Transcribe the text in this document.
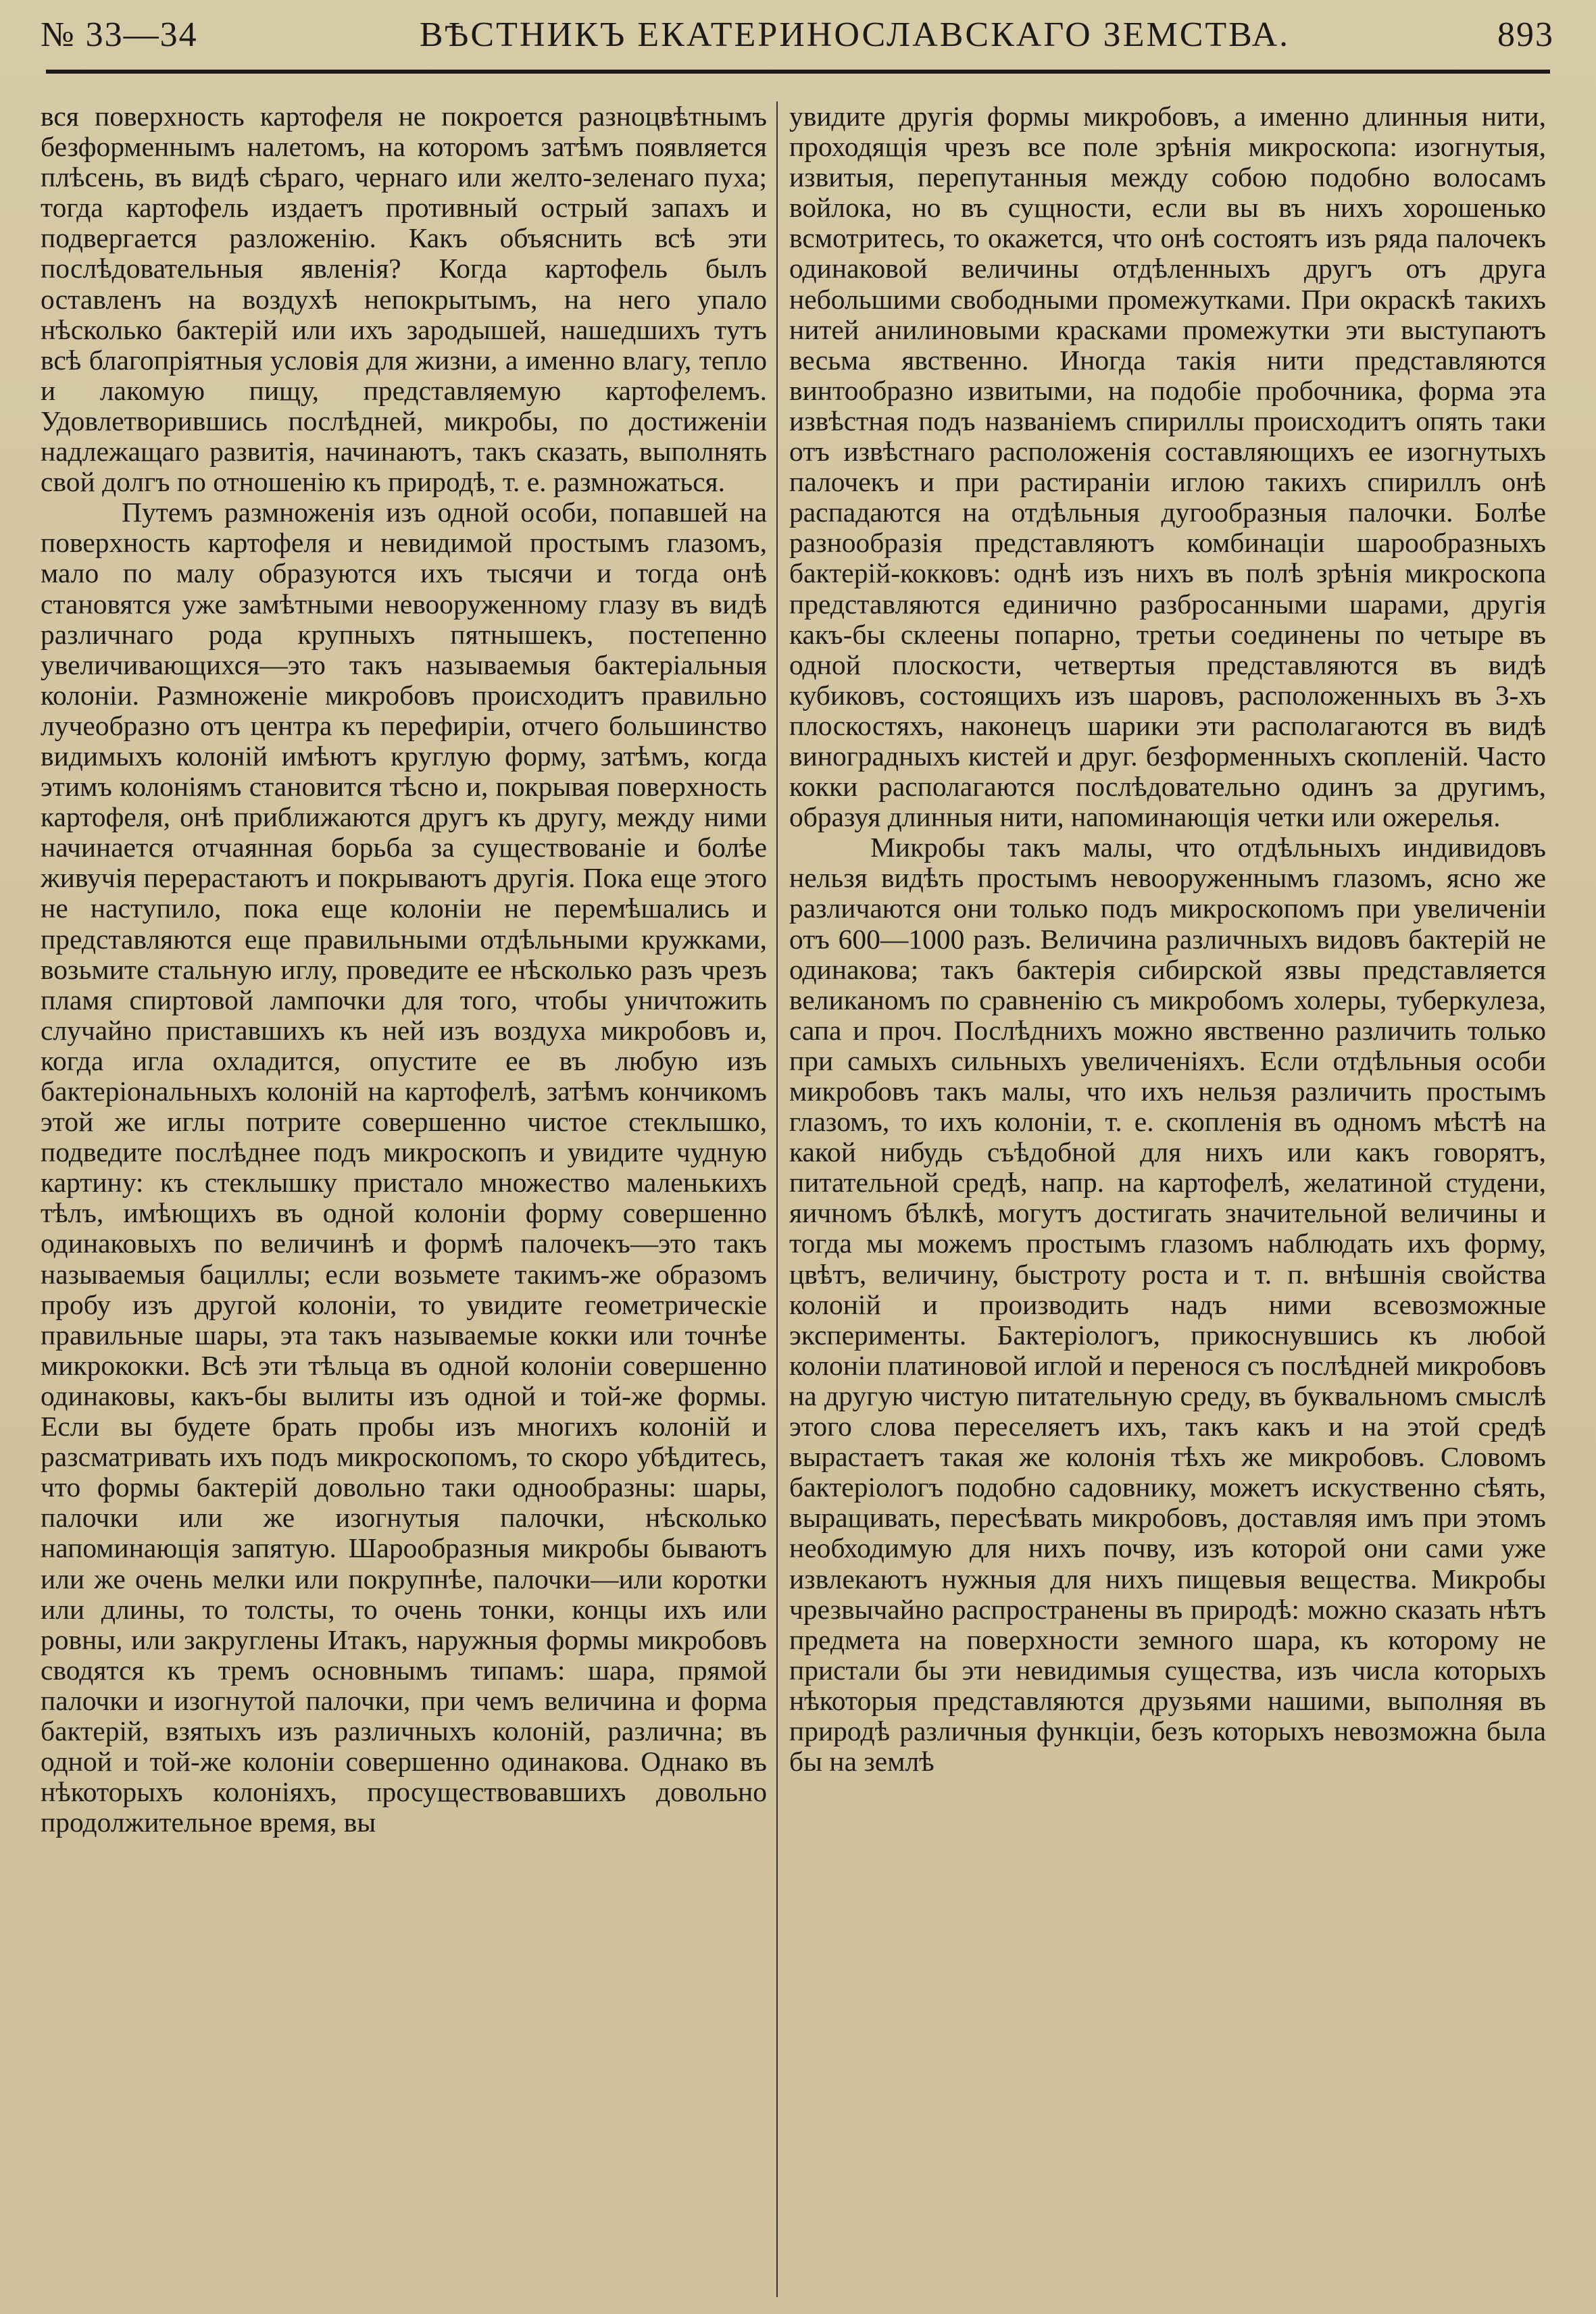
№ 33—34	ВѢСТНИКЪ ЕКАТЕРИНОСЛАВСКАГО ЗЕМСТВА.	893

вся поверхность картофеля не покроется разноцвѣтнымъ безформеннымъ налетомъ, на которомъ затѣмъ появляется плѣсень, въ видѣ сѣраго, чернаго или желто-зеленаго пуха; тогда картофель издаетъ противный острый запахъ и подвергается разложенію. Какъ объяснить всѣ эти послѣдовательныя явленія? Когда картофель былъ оставленъ на воздухѣ непокрытымъ, на него упало нѣсколько бактерій или ихъ зародышей, нашедшихъ тутъ всѣ благопріятныя условія для жизни, а именно влагу, тепло и лакомую пищу, представляемую картофелемъ. Удовлетворившись послѣдней, микробы, по достиженіи надлежащаго развитія, начинаютъ, такъ сказать, выполнять свой долгъ по отношенію къ природѣ, т. е. размножаться.

Путемъ размноженія изъ одной особи, попавшей на поверхность картофеля и невидимой простымъ глазомъ, мало по малу образуются ихъ тысячи и тогда онѣ становятся уже замѣтными невооруженному глазу въ видѣ различнаго рода крупныхъ пятнышекъ, постепенно увеличивающихся—это такъ называемыя бактеріальныя колоніи. Размноженіе микробовъ происходитъ правильно лучеобразно отъ центра къ перефиріи, отчего большинство видимыхъ колоній имѣютъ круглую форму, затѣмъ, когда этимъ колоніямъ становится тѣсно и, покрывая поверхность картофеля, онѣ приближаются другъ къ другу, между ними начинается отчаянная борьба за существованіе и болѣе живучія перерастаютъ и покрываютъ другія. Пока еще этого не наступило, пока еще колоніи не перемѣшались и представляются еще правильными отдѣльными кружками, возьмите стальную иглу, проведите ее нѣсколько разъ чрезъ пламя спиртовой лампочки для того, чтобы уничтожить случайно приставшихъ къ ней изъ воздуха микробовъ и, когда игла охладится, опустите ее въ любую изъ бактеріональныхъ колоній на картофелѣ, затѣмъ кончикомъ этой же иглы потрите совершенно чистое стеклышко, подведите послѣднее подъ микроскопъ и увидите чудную картину: къ стеклышку пристало множество маленькихъ тѣлъ, имѣющихъ въ одной колоніи форму совершенно одинаковыхъ по величинѣ и формѣ палочекъ—это такъ называемыя бациллы; если возьмете такимъ-же образомъ пробу изъ другой колоніи, то увидите геометрическіе правильные шары, эта такъ называемые кокки или точнѣе микрококки. Всѣ эти тѣльца въ одной колоніи совершенно одинаковы, какъ-бы вылиты изъ одной и той-же формы. Если вы будете брать пробы изъ многихъ колоній и разсматривать ихъ подъ микроскопомъ, то скоро убѣдитесь, что формы бактерій довольно таки однообразны: шары, палочки или же изогнутыя палочки, нѣсколько напоминающія запятую. Шарообразныя микробы бываютъ или же очень мелки или покрупнѣе, палочки—или коротки или длины, то толсты, то очень тонки, концы ихъ или ровны, или закруглены Итакъ, наружныя формы микробовъ сводятся къ тремъ основнымъ типамъ: шара, прямой палочки и изогнутой палочки, при чемъ величина и форма бактерій, взятыхъ изъ различныхъ колоній, различна; въ одной и той-же колоніи совершенно одинакова. Однако въ нѣкоторыхъ колоніяхъ, просуществовавшихъ довольно продолжительное время, вы

увидите другія формы микробовъ, а именно длинныя нити, проходящія чрезъ все поле зрѣнія микроскопа: изогнутыя, извитыя, перепутанныя между собою подобно волосамъ войлока, но въ сущности, если вы въ нихъ хорошенько всмотритесь, то окажется, что онѣ состоятъ изъ ряда палочекъ одинаковой величины отдѣленныхъ другъ отъ друга небольшими свободными промежутками. При окраскѣ такихъ нитей анилиновыми красками промежутки эти выступаютъ весьма явственно. Иногда такія нити представляются винтообразно извитыми, на подобіе пробочника, форма эта извѣстная подъ названіемъ спириллы происходитъ опять таки отъ извѣстнаго расположенія составляющихъ ее изогнутыхъ палочекъ и при растираніи иглою такихъ спириллъ онѣ распадаются на отдѣльныя дугообразныя палочки. Болѣе разнообразія представляютъ комбинаціи шарообразныхъ бактерій-кокковъ: однѣ изъ нихъ въ полѣ зрѣнія микроскопа представляются единично разбросанными шарами, другія какъ-бы склеены попарно, третьи соединены по четыре въ одной плоскости, четвертыя представляются въ видѣ кубиковъ, состоящихъ изъ шаровъ, расположенныхъ въ 3-хъ плоскостяхъ, наконецъ шарики эти располагаются въ видѣ виноградныхъ кистей и друг. безформенныхъ скопленій. Часто кокки располагаются послѣдовательно одинъ за другимъ, образуя длинныя нити, напоминающія четки или ожерелья.

Микробы такъ малы, что отдѣльныхъ индивидовъ нельзя видѣть простымъ невооруженнымъ глазомъ, ясно же различаются они только подъ микроскопомъ при увеличеніи отъ 600—1000 разъ. Величина различныхъ видовъ бактерій не одинакова; такъ бактерія сибирской язвы представляется великаномъ по сравненію съ микробомъ холеры, туберкулеза, сапа и проч. Послѣднихъ можно явственно различить только при самыхъ сильныхъ увеличеніяхъ. Если отдѣльныя особи микробовъ такъ малы, что ихъ нельзя различить простымъ глазомъ, то ихъ колоніи, т. е. скопленія въ одномъ мѣстѣ на какой нибудь съѣдобной для нихъ или какъ говорятъ, питательной средѣ, напр. на картофелѣ, желатиной студени, яичномъ бѣлкѣ, могутъ достигать значительной величины и тогда мы можемъ простымъ глазомъ наблюдать ихъ форму, цвѣтъ, величину, быстроту роста и т. п. внѣшнія свойства колоній и производить надъ ними всевозможные эксперименты. Бактеріологъ, прикоснувшись къ любой колоніи платиновой иглой и перенося съ послѣдней микробовъ на другую чистую питательную среду, въ буквальномъ смыслѣ этого слова переселяетъ ихъ, такъ какъ и на этой средѣ вырастаетъ такая же колонія тѣхъ же микробовъ. Словомъ бактеріологъ подобно садовнику, можетъ искуственно сѣять, выращивать, пересѣвать микробовъ, доставляя имъ при этомъ необходимую для нихъ почву, изъ которой они сами уже извлекаютъ нужныя для нихъ пищевыя вещества. Микробы чрезвычайно распространены въ природѣ: можно сказать нѣтъ предмета на поверхности земного шара, къ которому не пристали бы эти невидимыя существа, изъ числа которыхъ нѣкоторыя представляются друзьями нашими, выполняя въ природѣ различныя функціи, безъ которыхъ невозможна была бы на землѣ
